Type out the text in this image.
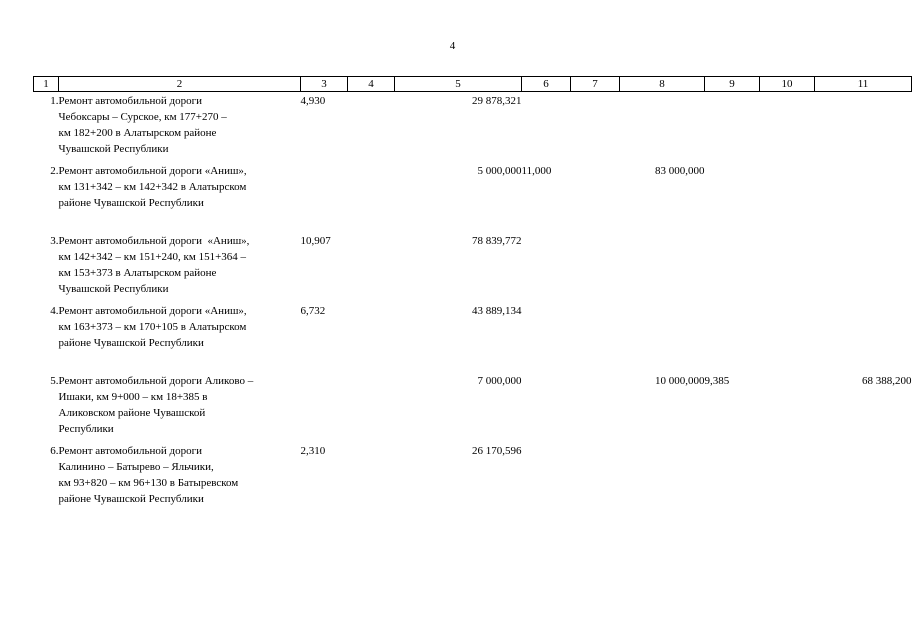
4
1	2	3	4	5	6	7	8	9	10	11
1.	Ремонт автомобильной дороги
Чебоксары – Сурское, км 177+270 –
км 182+200 в Алатырском районе
Чувашской Республики	4,930		29 878,321						
2.	Ремонт автомобильной дороги «Аниш»,
км 131+342 – км 142+342 в Алатырском
районе Чувашской Республики			5 000,000	11,000		83 000,000			
3.	Ремонт автомобильной дороги  «Аниш»,
км 142+342 – км 151+240, км 151+364 –
км 153+373 в Алатырском районе
Чувашской Республики	10,907		78 839,772						
4.	Ремонт автомобильной дороги «Аниш»,
км 163+373 – км 170+105 в Алатырском
районе Чувашской Республики	6,732		43 889,134						
5.	Ремонт автомобильной дороги Аликово –
Ишаки, км 9+000 – км 18+385 в
Аликовском районе Чувашской
Республики			7 000,000			10 000,000	9,385		68 388,200
6.	Ремонт автомобильной дороги
Калинино – Батырево – Яльчики,
км 93+820 – км 96+130 в Батыревском
районе Чувашской Республики	2,310		26 170,596						
